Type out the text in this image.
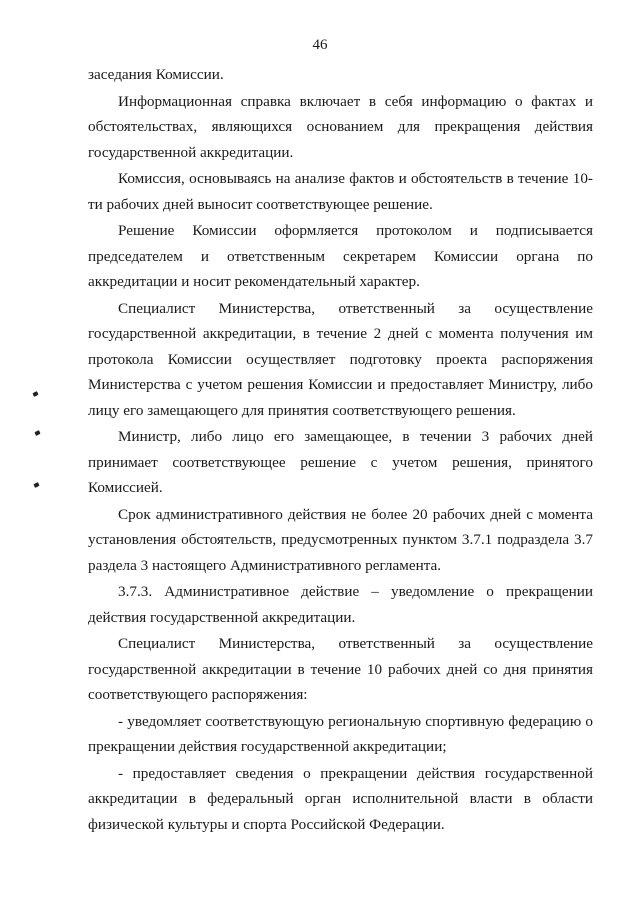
46

заседания Комиссии.

Информационная справка включает в себя информацию о фактах и обстоятельствах, являющихся основанием для прекращения действия государственной аккредитации.

Комиссия, основываясь на анализе фактов и обстоятельств в течение 10-ти рабочих дней выносит соответствующее решение.

Решение Комиссии оформляется протоколом и подписывается председателем и ответственным секретарем Комиссии органа по аккредитации и носит рекомендательный характер.

Специалист Министерства, ответственный за осуществление государственной аккредитации, в течение 2 дней с момента получения им протокола Комиссии осуществляет подготовку проекта распоряжения Министерства с учетом решения Комиссии и предоставляет Министру, либо лицу его замещающего для принятия соответствующего решения.

Министр, либо лицо его замещающее, в течении 3 рабочих дней принимает соответствующее решение с учетом решения, принятого Комиссией.

Срок административного действия не более 20 рабочих дней с момента установления обстоятельств, предусмотренных пунктом 3.7.1 подраздела 3.7 раздела 3 настоящего Административного регламента.

3.7.3. Административное действие – уведомление о прекращении действия государственной аккредитации.

Специалист Министерства, ответственный за осуществление государственной аккредитации в течение 10 рабочих дней со дня принятия соответствующего распоряжения:

- уведомляет соответствующую региональную спортивную федерацию о прекращении действия государственной аккредитации;

- предоставляет сведения о прекращении действия государственной аккредитации в федеральный орган исполнительной власти в области физической культуры и спорта Российской Федерации.
